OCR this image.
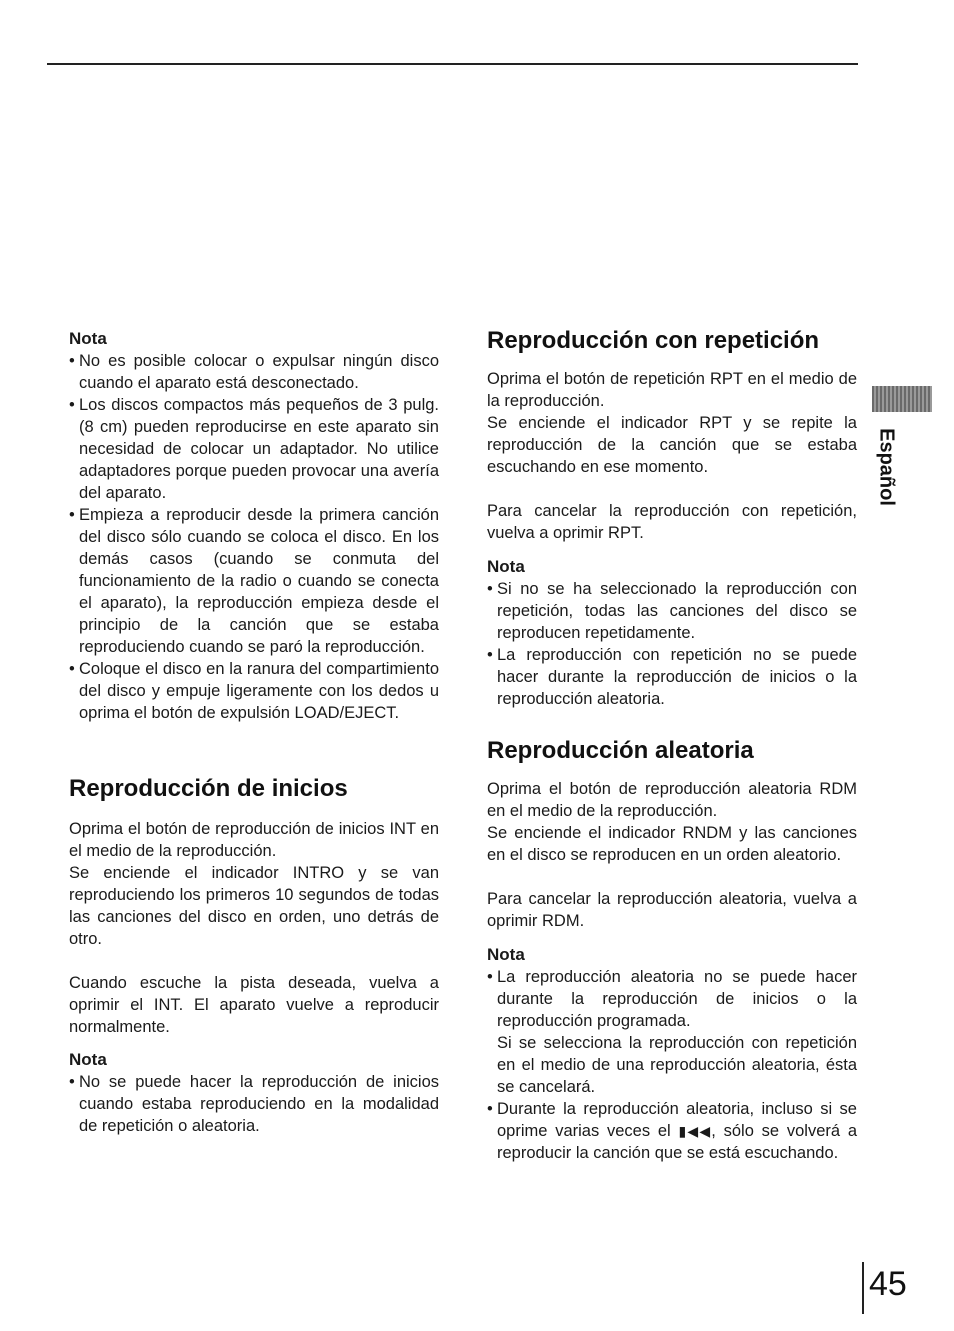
Español
Nota
• No es posible colocar o expulsar ningún disco cuando el aparato está desconectado.
• Los discos compactos más pequeños de 3 pulg. (8 cm) pueden reproducirse en este aparato sin necesidad de colocar un adaptador. No utilice adaptadores porque pueden provocar una avería del aparato.
• Empieza a reproducir desde la primera canción del disco sólo cuando se coloca el disco. En los demás casos (cuando se conmuta del funcionamiento de la radio o cuando se conecta el aparato), la reproducción empieza desde el principio de la canción que se estaba reproduciendo cuando se paró la reproducción.
• Coloque el disco en la ranura del compartimiento del disco y empuje ligeramente con los dedos u oprima el botón de expulsión LOAD/EJECT.
Reproducción de inicios

Oprima el botón de reproducción de inicios INT en el medio de la reproducción.

Se enciende el indicador INTRO y se van reproduciendo los primeros 10 segundos de todas las canciones del disco en orden, uno detrás de otro.

Cuando escuche la pista deseada, vuelva a oprimir el INT. El aparato vuelve a reproducir normalmente.

Nota
• No se puede hacer la reproducción de inicios cuando estaba reproduciendo en la modalidad de repetición o aleatoria.
Reproducción con repetición

Oprima el botón de repetición RPT en el medio de la reproducción.

Se enciende el indicador RPT y se repite la reproducción de la canción que se estaba escuchando en ese momento.

Para cancelar la reproducción con repetición, vuelva a oprimir RPT.

Nota
• Si no se ha seleccionado la reproducción con repetición, todas las canciones del disco se reproducen repetidamente.
• La reproducción con repetición no se puede hacer durante la reproducción de inicios o la reproducción aleatoria.
Reproducción aleatoria

Oprima el botón de reproducción aleatoria RDM en el medio de la reproducción.

Se enciende el indicador RNDM y las canciones en el disco se reproducen en un orden aleatorio.

Para cancelar la reproducción aleatoria, vuelva a oprimir RDM.

Nota
• La reproducción aleatoria no se puede hacer durante la reproducción de inicios o la reproducción programada.
Si se selecciona la reproducción con repetición en el medio de una reproducción aleatoria, ésta se cancelará.
• Durante la reproducción aleatoria, incluso si se oprime varias veces el ▮◀◀, sólo se volverá a reproducir la canción que se está escuchando.
45
